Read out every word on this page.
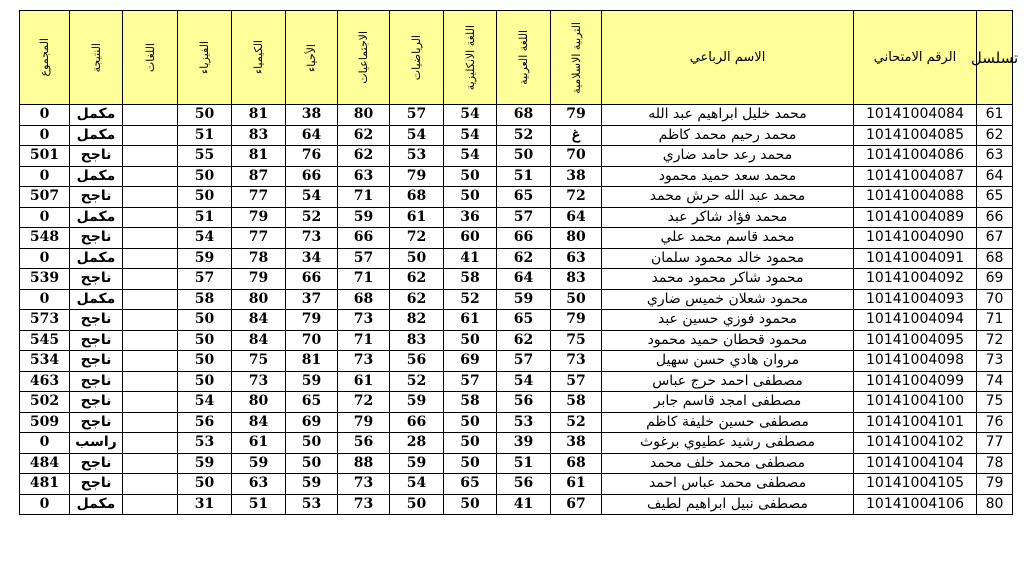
تسلسل	الرقم الامتحاني	الاسم الرباعي	التربية الاسلامية	اللغة العربية	اللغة الانكليزية	الرياضيات	الاجتماعيات	الأحياء	الكيمياء	الفيزياء	اللغات	النتيجة	المجموع

61	10141004084	محمد خليل ابراهيم عبد الله	79	68	54	57	80	38	81	50		مكمل	0
62	10141004085	محمد رحيم محمد كاظم	غ	52	54	54	62	64	83	51		مكمل	0
63	10141004086	محمد رعد حامد ضاري	70	50	54	53	62	76	81	55		ناجح	501
64	10141004087	محمد سعد حميد محمود	38	51	50	79	63	66	87	50		مكمل	0
65	10141004088	محمد عبد الله حرش محمد	72	65	50	68	71	54	77	50		ناجح	507
66	10141004089	محمد فؤاد شاكر عبد	64	57	36	61	59	52	79	51		مكمل	0
67	10141004090	محمد قاسم محمد علي	80	66	60	72	66	73	77	54		ناجح	548
68	10141004091	محمود خالد محمود سلمان	63	62	41	50	57	34	78	59		مكمل	0
69	10141004092	محمود شاكر محمود محمد	83	64	58	62	71	66	79	57		ناجح	539
70	10141004093	محمود شعلان خميس ضاري	50	59	52	62	68	37	80	58		مكمل	0
71	10141004094	محمود فوزي حسين عبد	79	65	61	82	73	79	84	50		ناجح	573
72	10141004095	محمود قحطان حميد محمود	75	62	50	83	71	70	84	50		ناجح	545
73	10141004098	مروان هادي حسن سهيل	73	57	69	56	73	81	75	50		ناجح	534
74	10141004099	مصطفى احمد حرج عباس	57	54	57	52	61	59	73	50		ناجح	463
75	10141004100	مصطفى امجد قاسم جابر	58	56	58	59	72	65	80	54		ناجح	502
76	10141004101	مصطفى حسين خليفة كاظم	52	53	50	66	79	69	84	56		ناجح	509
77	10141004102	مصطفى رشيد عطيوي برغوث	38	39	50	28	56	50	61	53		راسب	0
78	10141004104	مصطفى محمد خلف محمد	68	51	50	59	88	50	59	59		ناجح	484
79	10141004105	مصطفى محمد عباس احمد	61	56	65	54	73	59	63	50		ناجح	481
80	10141004106	مصطفى نبيل ابراهيم لطيف	67	41	50	50	73	53	51	31		مكمل	0
